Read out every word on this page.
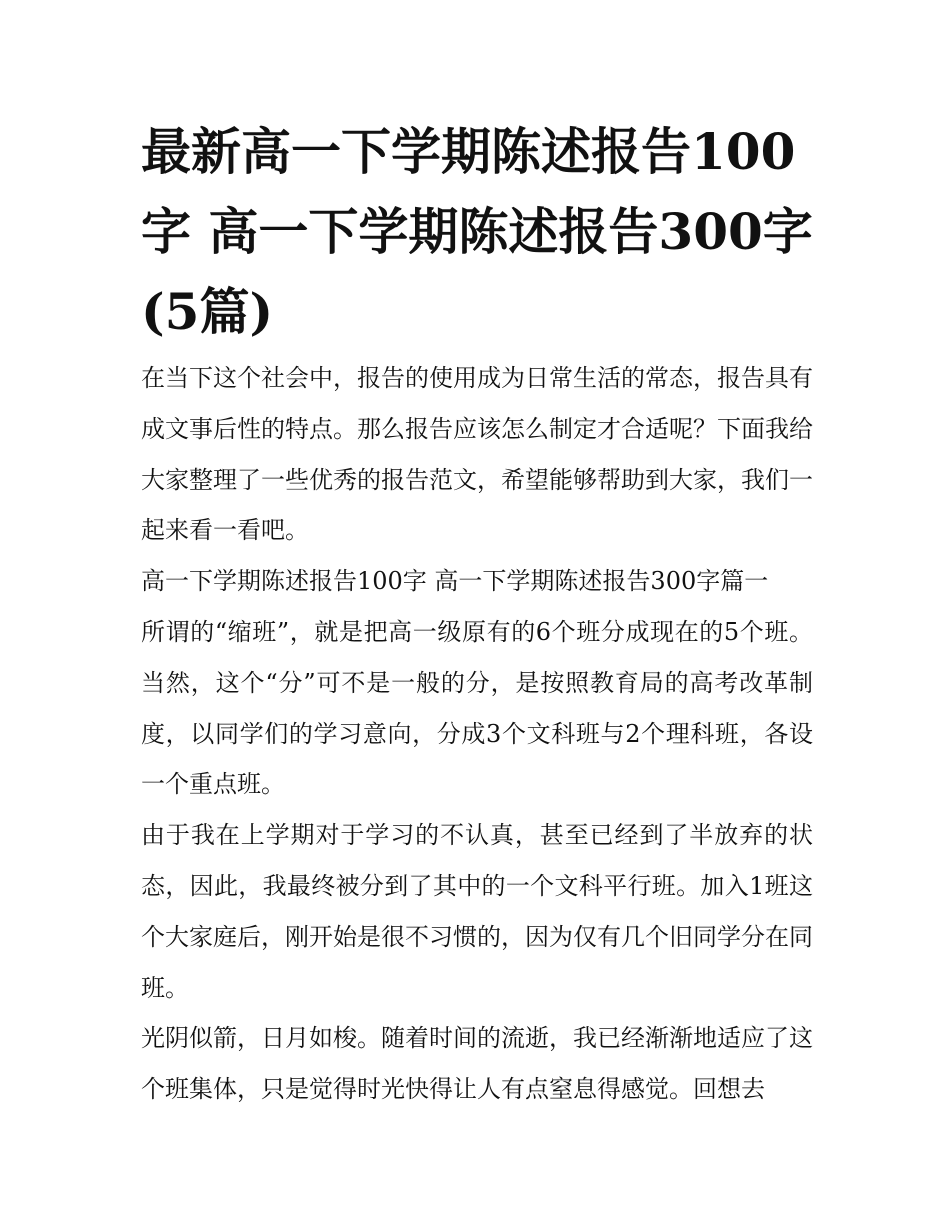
最新高一下学期陈述报告100字 高一下学期陈述报告300字(5篇)

在当下这个社会中，报告的使用成为日常生活的常态，报告具有成文事后性的特点。那么报告应该怎么制定才合适呢？下面我给大家整理了一些优秀的报告范文，希望能够帮助到大家，我们一起来看一看吧。

高一下学期陈述报告100字 高一下学期陈述报告300字篇一

所谓的“缩班”，就是把高一级原有的6个班分成现在的5个班。当然，这个“分”可不是一般的分，是按照教育局的高考改革制度，以同学们的学习意向，分成3个文科班与2个理科班，各设一个重点班。

由于我在上学期对于学习的不认真，甚至已经到了半放弃的状态，因此，我最终被分到了其中的一个文科平行班。加入1班这个大家庭后，刚开始是很不习惯的，因为仅有几个旧同学分在同班。

光阴似箭，日月如梭。随着时间的流逝，我已经渐渐地适应了这个班集体，只是觉得时光快得让人有点窒息得感觉。回想去
